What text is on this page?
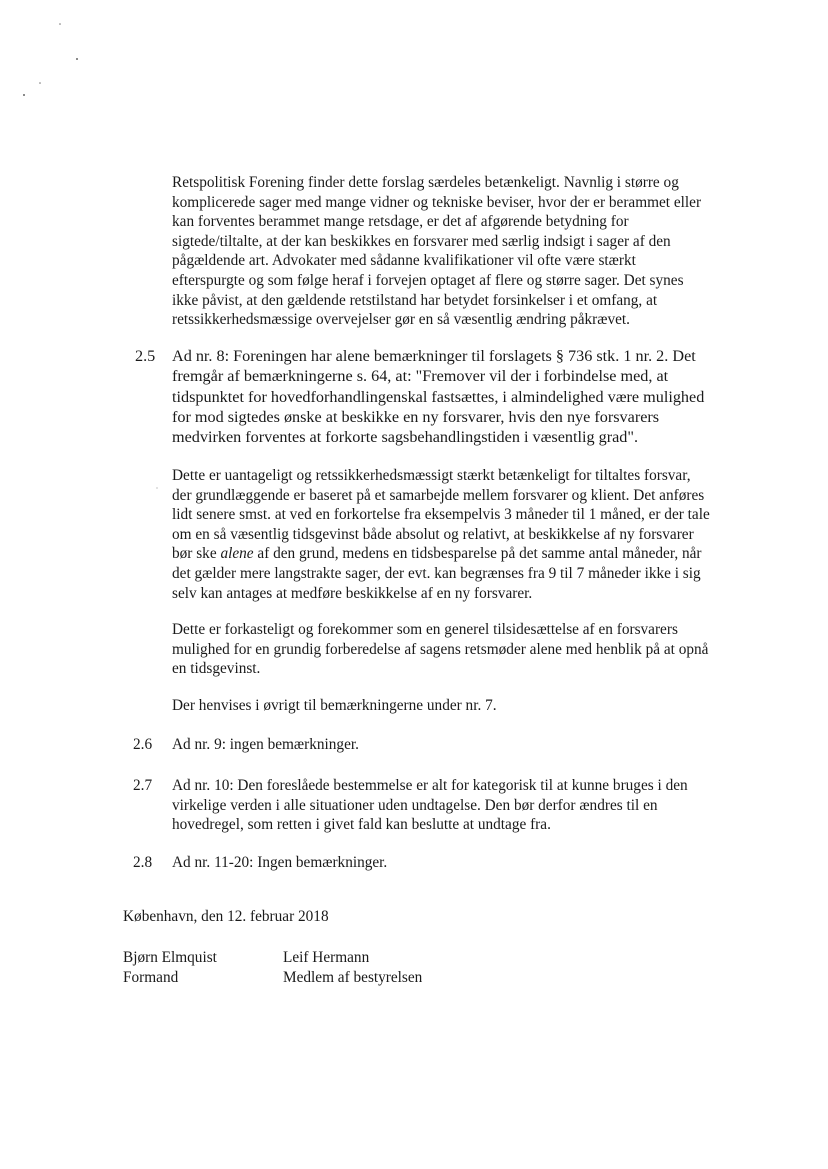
Retspolitisk Forening finder dette forslag særdeles betænkeligt. Navnlig i større og komplicerede sager med mange vidner og tekniske beviser, hvor der er berammet eller kan forventes berammet mange retsdage, er det af afgørende betydning for sigtede/tiltalte, at der kan beskikkes en forsvarer med særlig indsigt i sager af den pågældende art. Advokater med sådanne kvalifikationer vil ofte være stærkt efterspurgte og som følge heraf i forvejen optaget af flere og større sager. Det synes ikke påvist, at den gældende retstilstand har betydet forsinkelser i et omfang, at retssikkerhedsmæssige overvejelser gør en så væsentlig ændring påkrævet.
2.5 Ad nr. 8: Foreningen har alene bemærkninger til forslagets § 736 stk. 1 nr. 2. Det fremgår af bemærkningerne s. 64, at: "Fremover vil der i forbindelse med, at tidspunktet for hovedforhandlingenskal fastsættes, i almindelighed være mulighed for mod sigtedes ønske at beskikke en ny forsvarer, hvis den nye forsvarers medvirken forventes at forkorte sagsbehandlingstiden i væsentlig grad".
Dette er uantageligt og retssikkerhedsmæssigt stærkt betænkeligt for tiltaltes forsvar, der grundlæggende er baseret på et samarbejde mellem forsvarer og klient. Det anføres lidt senere smst. at ved en forkortelse fra eksempelvis 3 måneder til 1 måned, er der tale om en så væsentlig tidsgevinst både absolut og relativt, at beskikkelse af ny forsvarer bør ske alene af den grund, medens en tidsbesparelse på det samme antal måneder, når det gælder mere langstrakte sager, der evt. kan begrænses fra 9 til 7 måneder ikke i sig selv kan antages at medføre beskikkelse af en ny forsvarer.
Dette er forkasteligt og forekommer som en generel tilsidesættelse af en forsvarers mulighed for en grundig forberedelse af sagens retsmøder alene med henblik på at opnå en tidsgevinst.
Der henvises i øvrigt til bemærkningerne under nr. 7.
2.6 Ad nr. 9: ingen bemærkninger.
2.7 Ad nr. 10: Den foreslåede bestemmelse er alt for kategorisk til at kunne bruges i den virkelige verden i alle situationer uden undtagelse. Den bør derfor ændres til en hovedregel, som retten i givet fald kan beslutte at undtage fra.
2.8 Ad nr. 11-20: Ingen bemærkninger.
København, den 12. februar 2018
Bjørn Elmquist
Formand
Leif Hermann
Medlem af bestyrelsen
